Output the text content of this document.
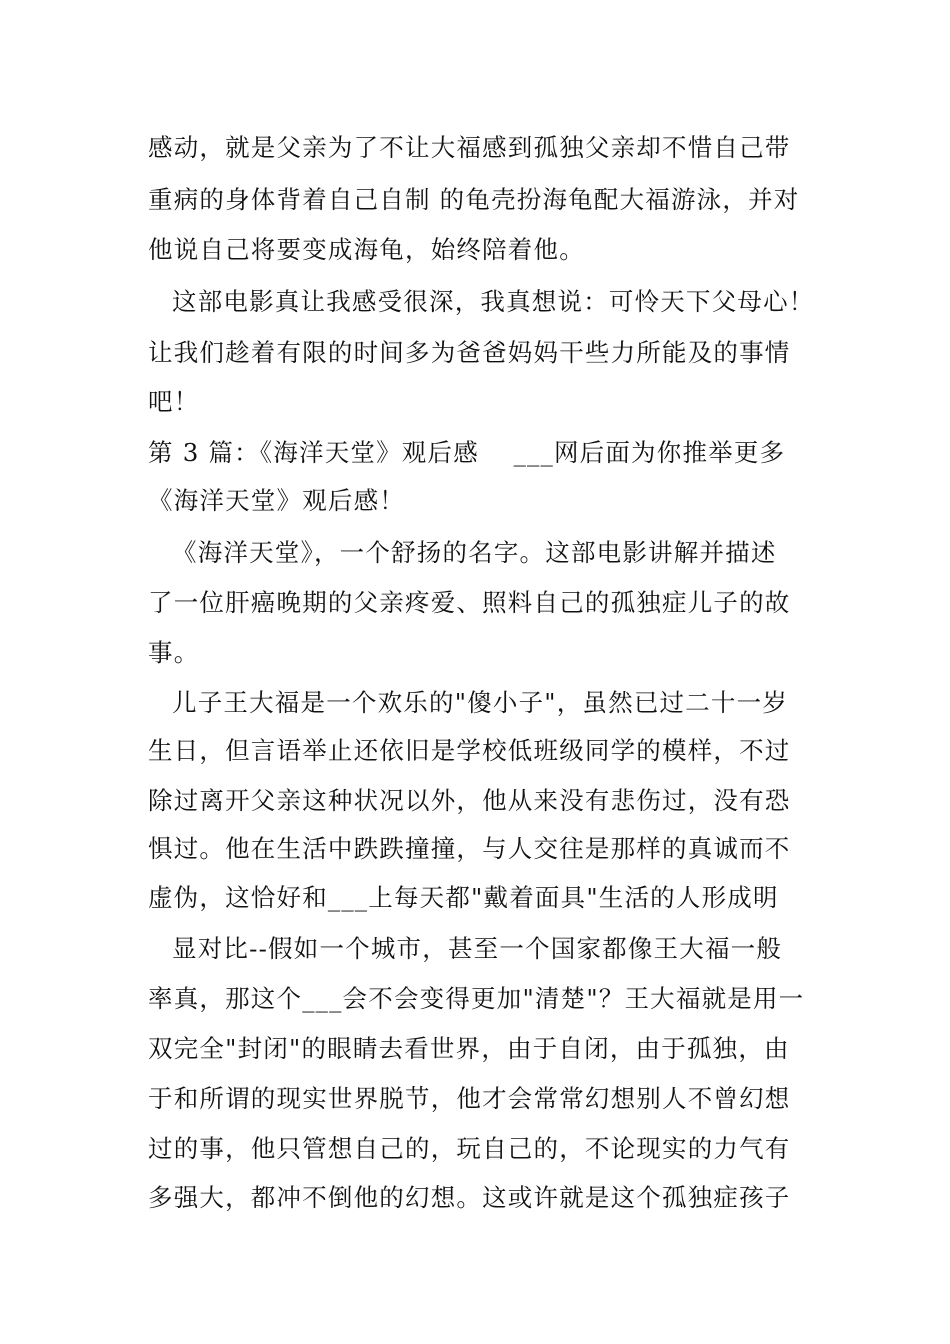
感动，就是父亲为了不让大福感到孤独父亲却不惜自己带
重病的身体背着自己自制 的龟壳扮海龟配大福游泳，并对
他说自己将要变成海龟，始终陪着他。
这部电影真让我感受很深，我真想说：可怜天下父母心！
让我们趁着有限的时间多为爸爸妈妈干些力所能及的事情
吧！
第 3 篇：《海洋天堂》观后感　 ___网后面为你推举更多
《海洋天堂》观后感！
《海洋天堂》，一个舒扬的名字。这部电影讲解并描述
了一位肝癌晚期的父亲疼爱、照料自己的孤独症儿子的故
事。
儿子王大福是一个欢乐的"傻小子"，虽然已过二十一岁
生日，但言语举止还依旧是学校低班级同学的模样，不过
除过离开父亲这种状况以外，他从来没有悲伤过，没有恐
惧过。他在生活中跌跌撞撞，与人交往是那样的真诚而不
虚伪，这恰好和___上每天都"戴着面具"生活的人形成明
显对比--假如一个城市，甚至一个国家都像王大福一般
率真，那这个___会不会变得更加"清楚"？王大福就是用一
双完全"封闭"的眼睛去看世界，由于自闭，由于孤独，由
于和所谓的现实世界脱节，他才会常常幻想别人不曾幻想
过的事，他只管想自己的，玩自己的，不论现实的力气有
多强大，都冲不倒他的幻想。这或许就是这个孤独症孩子
